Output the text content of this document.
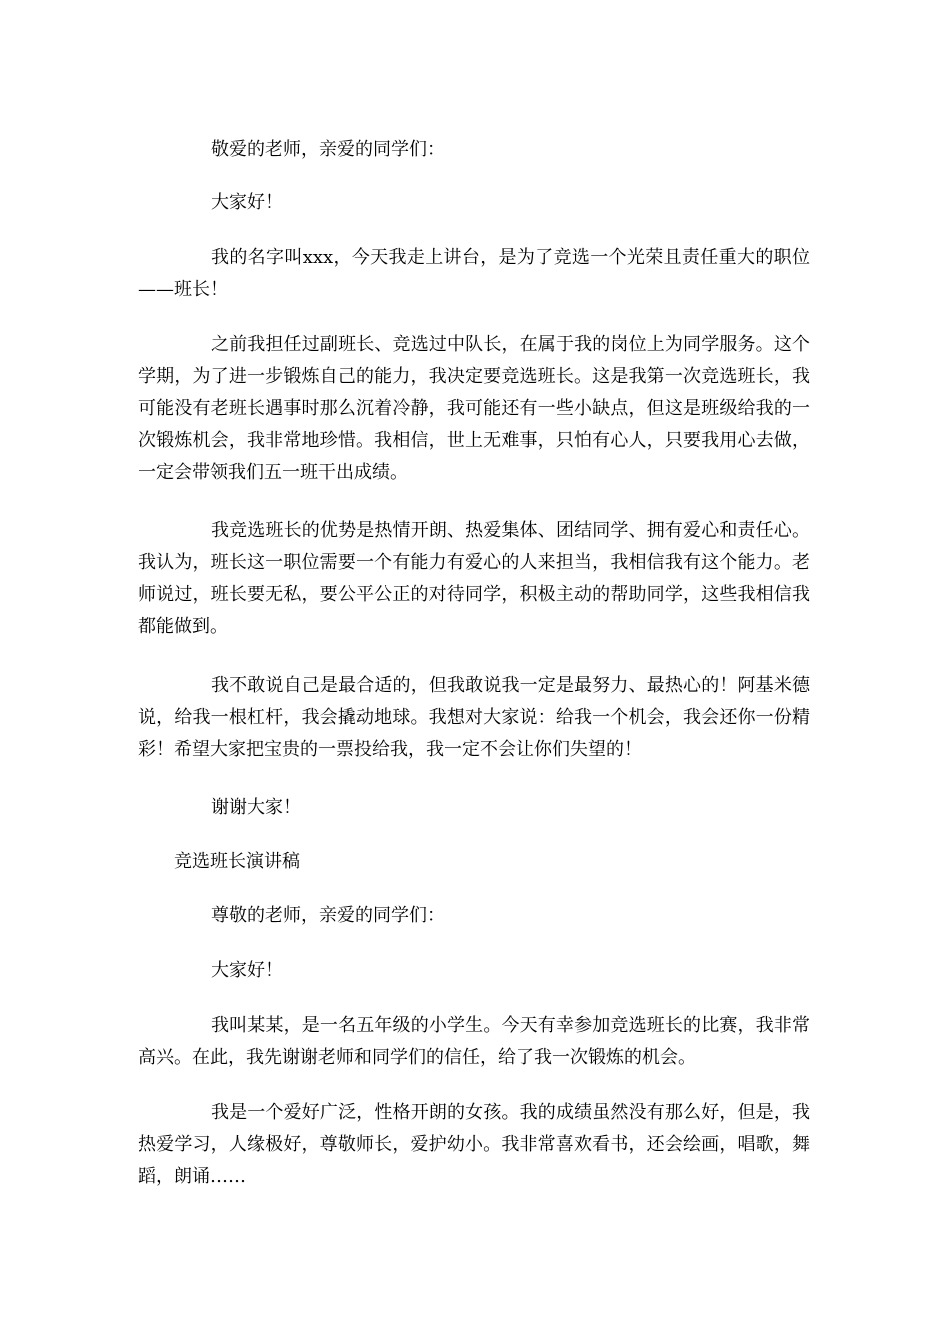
敬爱的老师，亲爱的同学们：

大家好！

我的名字叫xxx，今天我走上讲台，是为了竞选一个光荣且责任重大的职位——班长！

之前我担任过副班长、竞选过中队长，在属于我的岗位上为同学服务。这个学期，为了进一步锻炼自己的能力，我决定要竞选班长。这是我第一次竞选班长，我可能没有老班长遇事时那么沉着冷静，我可能还有一些小缺点，但这是班级给我的一次锻炼机会，我非常地珍惜。我相信，世上无难事，只怕有心人，只要我用心去做，一定会带领我们五一班干出成绩。

我竞选班长的优势是热情开朗、热爱集体、团结同学、拥有爱心和责任心。我认为，班长这一职位需要一个有能力有爱心的人来担当，我相信我有这个能力。老师说过，班长要无私，要公平公正的对待同学，积极主动的帮助同学，这些我相信我都能做到。

我不敢说自己是最合适的，但我敢说我一定是最努力、最热心的！阿基米德说，给我一根杠杆，我会撬动地球。我想对大家说：给我一个机会，我会还你一份精彩！希望大家把宝贵的一票投给我，我一定不会让你们失望的！

谢谢大家！

竞选班长演讲稿

尊敬的老师，亲爱的同学们：

大家好！

我叫某某，是一名五年级的小学生。今天有幸参加竞选班长的比赛，我非常高兴。在此，我先谢谢老师和同学们的信任，给了我一次锻炼的机会。

我是一个爱好广泛，性格开朗的女孩。我的成绩虽然没有那么好，但是，我热爱学习，人缘极好，尊敬师长，爱护幼小。我非常喜欢看书，还会绘画，唱歌，舞蹈，朗诵……
